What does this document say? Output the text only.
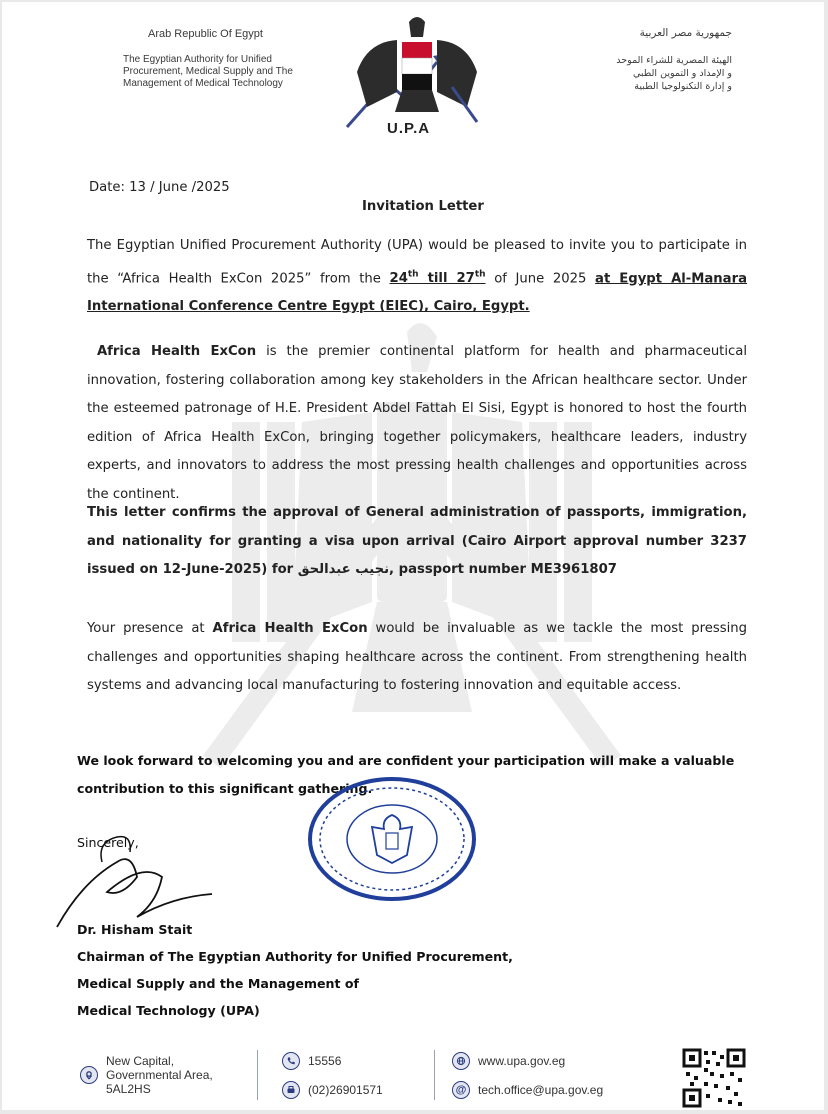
Arab Republic Of Egypt
The Egyptian Authority for Unified Procurement, Medical Supply and The Management of Medical Technology
U.P.A
جمهورية مصر العربية
الهيئة المصرية للشراء الموحد
و الإمداد و التموين الطبي
و إدارة التكنولوجيا الطبية
Date: 13 / June /2025
Invitation Letter
The Egyptian Unified Procurement Authority (UPA) would be pleased to invite you to participate in the “Africa Health ExCon 2025” from the 24th till 27th of June 2025 at Egypt Al-Manara International Conference Centre Egypt (EIEC), Cairo, Egypt.
Africa Health ExCon is the premier continental platform for health and pharmaceutical innovation, fostering collaboration among key stakeholders in the African healthcare sector. Under the esteemed patronage of H.E. President Abdel Fattah El Sisi, Egypt is honored to host the fourth edition of Africa Health ExCon, bringing together policymakers, healthcare leaders, industry experts, and innovators to address the most pressing health challenges and opportunities across the continent.
This letter confirms the approval of General administration of passports, immigration, and nationality for granting a visa upon arrival (Cairo Airport approval number 3237 issued on 12-June-2025) for نجيب عبدالحق, passport number ME3961807
Your presence at Africa Health ExCon would be invaluable as we tackle the most pressing challenges and opportunities shaping healthcare across the continent. From strengthening health systems and advancing local manufacturing to fostering innovation and equitable access.
We look forward to welcoming you and are confident your participation will make a valuable contribution to this significant gathering.
Sincerely,
Dr. Hisham Stait
Chairman of The Egyptian Authority for Unified Procurement,
Medical Supply and the Management of
Medical Technology (UPA)
New Capital,
Governmental Area,
5AL2HS
15556
(02)26901571
www.upa.gov.eg
@ tech.office@upa.gov.eg
